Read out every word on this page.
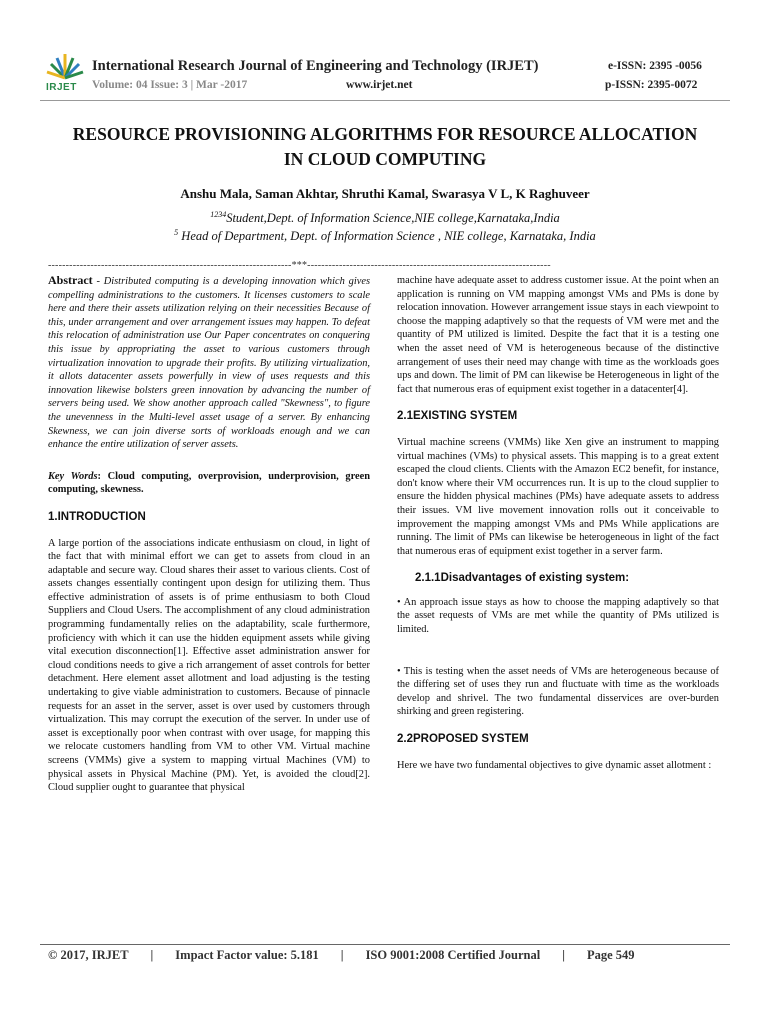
IRJET
International Research Journal of Engineering and Technology (IRJET)
Volume: 04 Issue: 3 | Mar -2017	www.irjet.net
e-ISSN: 2395 -0056
p-ISSN: 2395-0072
RESOURCE PROVISIONING ALGORITHMS FOR RESOURCE ALLOCATION
IN CLOUD COMPUTING
Anshu Mala, Saman Akhtar, Shruthi Kamal, Swarasya V L, K Raghuveer
$^{1234}$Student,Dept. of Information Science,NIE college,Karnataka,India
$^5$ Head of Department, Dept. of Information Science , NIE college, Karnataka, India
---------------------------------------------------------------------***---------------------------------------------------------------------

Abstract - Distributed computing is a developing innovation which gives compelling administrations to the customers. It licenses customers to scale here and there their assets utilization relying on their necessities Because of this, under arrangement and over arrangement issues may happen. To defeat this relocation of administration use Our Paper concentrates on conquering this issue by appropriating the asset to various customers through virtualization innovation to upgrade their profits. By utilizing virtualization, it allots datacenter assets powerfully in view of uses requests and this innovation likewise bolsters green innovation by advancing the number of servers being used. We show another approach called "Skewness", to figure the unevenness in the Multi-level asset usage of a server. By enhancing Skewness, we can join diverse sorts of workloads enough and we can enhance the entire utilization of server assets.

Key Words: Cloud computing, overprovision, underprovision, green computing, skewness.

1.INTRODUCTION

A large portion of the associations indicate enthusiasm on cloud, in light of the fact that with minimal effort we can get to assets from cloud in an adaptable and secure way. Cloud shares their asset to various clients. Cost of assets changes essentially contingent upon design for utilizing them. Thus effective administration of assets is of prime enthusiasm to both Cloud Suppliers and Cloud Users. The accomplishment of any cloud administration programming fundamentally relies on the adaptability, scale furthermore, proficiency with which it can use the hidden equipment assets while giving vital execution disconnection[1]. Effective asset administration answer for cloud conditions needs to give a rich arrangement of asset controls for better detachment. Here element asset allotment and load adjusting is the testing undertaking to give viable administration to customers. Because of pinnacle requests for an asset in the server, asset is over used by customers through virtualization. This may corrupt the execution of the server. In under use of asset is exceptionally poor when contrast with over usage, for mapping this we relocate customers handling from VM to other VM. Virtual machine screens (VMMs) give a system to mapping virtual Machines (VM) to physical assets in Physical Machine (PM). Yet, is avoided the cloud[2]. Cloud supplier ought to guarantee that physical

machine have adequate asset to address customer issue. At the point when an application is running on VM mapping amongst VMs and PMs is done by relocation innovation. However arrangement issue stays in each viewpoint to choose the mapping adaptively so that the requests of VM were met and the quantity of PM utilized is limited. Despite the fact that it is a testing one when the asset need of VM is heterogeneous because of the distinctive arrangement of uses their need may change with time as the workloads goes ups and down. The limit of PM can likewise be Heterogeneous in light of the fact that numerous eras of equipment exist together in a datacenter[4].

2.1EXISTING SYSTEM

Virtual machine screens (VMMs) like Xen give an instrument to mapping virtual machines (VMs) to physical assets. This mapping is to a great extent escaped the cloud clients. Clients with the Amazon EC2 benefit, for instance, don't know where their VM occurrences run. It is up to the cloud supplier to ensure the hidden physical machines (PMs) have adequate assets to address their issues. VM live movement innovation rolls out it conceivable to improvement the mapping amongst VMs and PMs While applications are running. The limit of PMs can likewise be heterogeneous in light of the fact that numerous eras of equipment exist together in a server farm.

2.1.1Disadvantages of existing system:

• An approach issue stays as how to choose the mapping adaptively so that the asset requests of VMs are met while the quantity of PMs utilized is limited.

• This is testing when the asset needs of VMs are heterogeneous because of the differing set of uses they run and fluctuate with time as the workloads develop and shrivel. The two fundamental disservices are over-burden shirking and green registering.

2.2PROPOSED SYSTEM

Here we have two fundamental objectives to give dynamic asset allotment :

© 2017, IRJET | Impact Factor value: 5.181 | ISO 9001:2008 Certified Journal | Page 549
